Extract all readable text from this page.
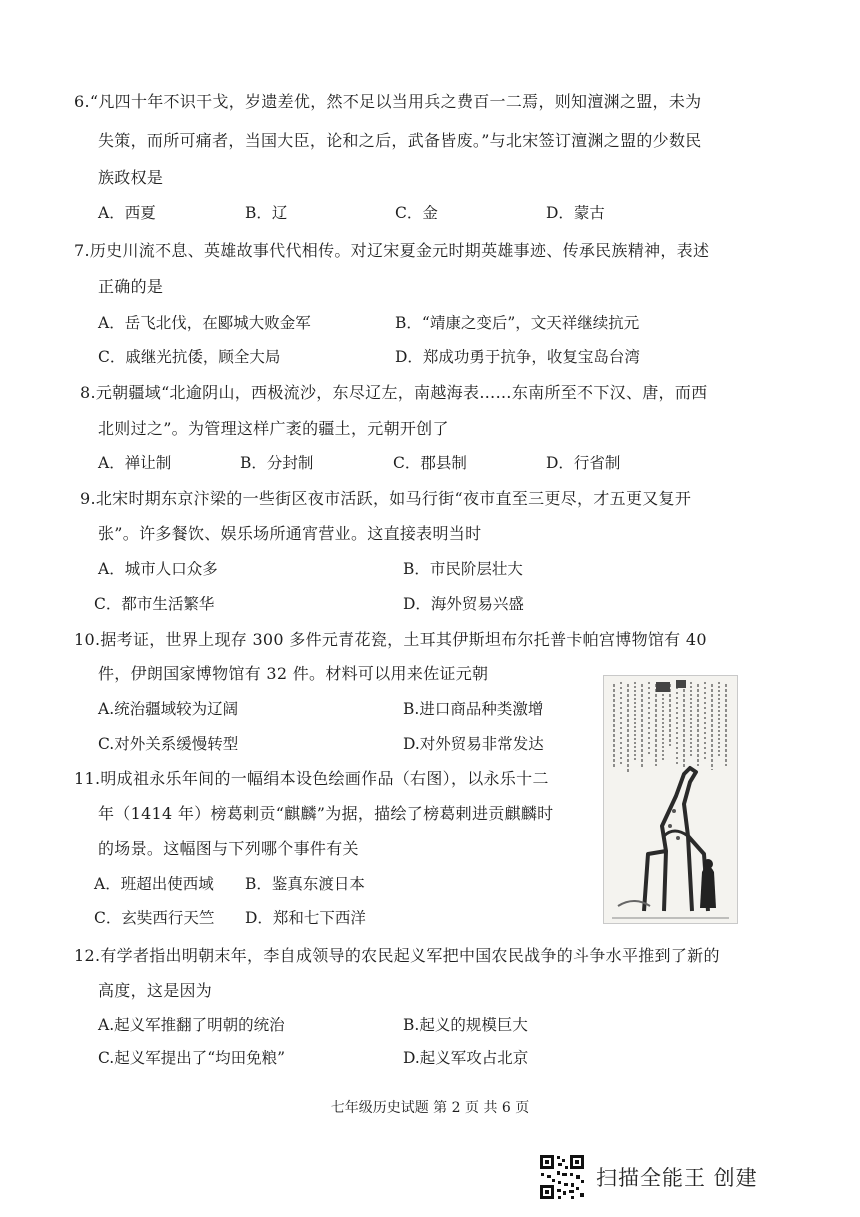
6.“凡四十年不识干戈，岁遗差优，然不足以当用兵之费百一二焉，则知澶渊之盟，未为
失策，而所可痛者，当国大臣，论和之后，武备皆废。”与北宋签订澶渊之盟的少数民
族政权是
A．西夏	B．辽	C．金	D．蒙古
7.历史川流不息、英雄故事代代相传。对辽宋夏金元时期英雄事迹、传承民族精神，表述
正确的是
A．岳飞北伐，在郾城大败金军	B．“靖康之变后”，文天祥继续抗元
C．戚继光抗倭，顾全大局	D．郑成功勇于抗争，收复宝岛台湾
8.元朝疆域“北逾阴山，西极流沙，东尽辽左，南越海表……东南所至不下汉、唐，而西
北则过之”。为管理这样广袤的疆土，元朝开创了
A．禅让制	B．分封制	C．郡县制	D．行省制
9.北宋时期东京汴梁的一些街区夜市活跃，如马行街“夜市直至三更尽，才五更又复开
张”。许多餐饮、娱乐场所通宵营业。这直接表明当时
A．城市人口众多	B．市民阶层壮大
C．都市生活繁华	D．海外贸易兴盛
10.据考证，世界上现存 300 多件元青花瓷，土耳其伊斯坦布尔托普卡帕宫博物馆有 40
件，伊朗国家博物馆有 32 件。材料可以用来佐证元朝
A.统治疆域较为辽阔	B.进口商品种类激增
C.对外关系缓慢转型	D.对外贸易非常发达
11.明成祖永乐年间的一幅绢本设色绘画作品（右图），以永乐十二
年（1414 年）榜葛剌贡“麒麟”为据，描绘了榜葛剌进贡麒麟时
的场景。这幅图与下列哪个事件有关
A．班超出使西域 B．鉴真东渡日本
C．玄奘西行天竺 D．郑和七下西洋
12.有学者指出明朝末年，李自成领导的农民起义军把中国农民战争的斗争水平推到了新的
高度，这是因为
A.起义军推翻了明朝的统治	B.起义的规模巨大
C.起义军提出了“均田免粮”	D.起义军攻占北京
七年级历史试题 第 2 页 共 6 页
扫描全能王 创建
